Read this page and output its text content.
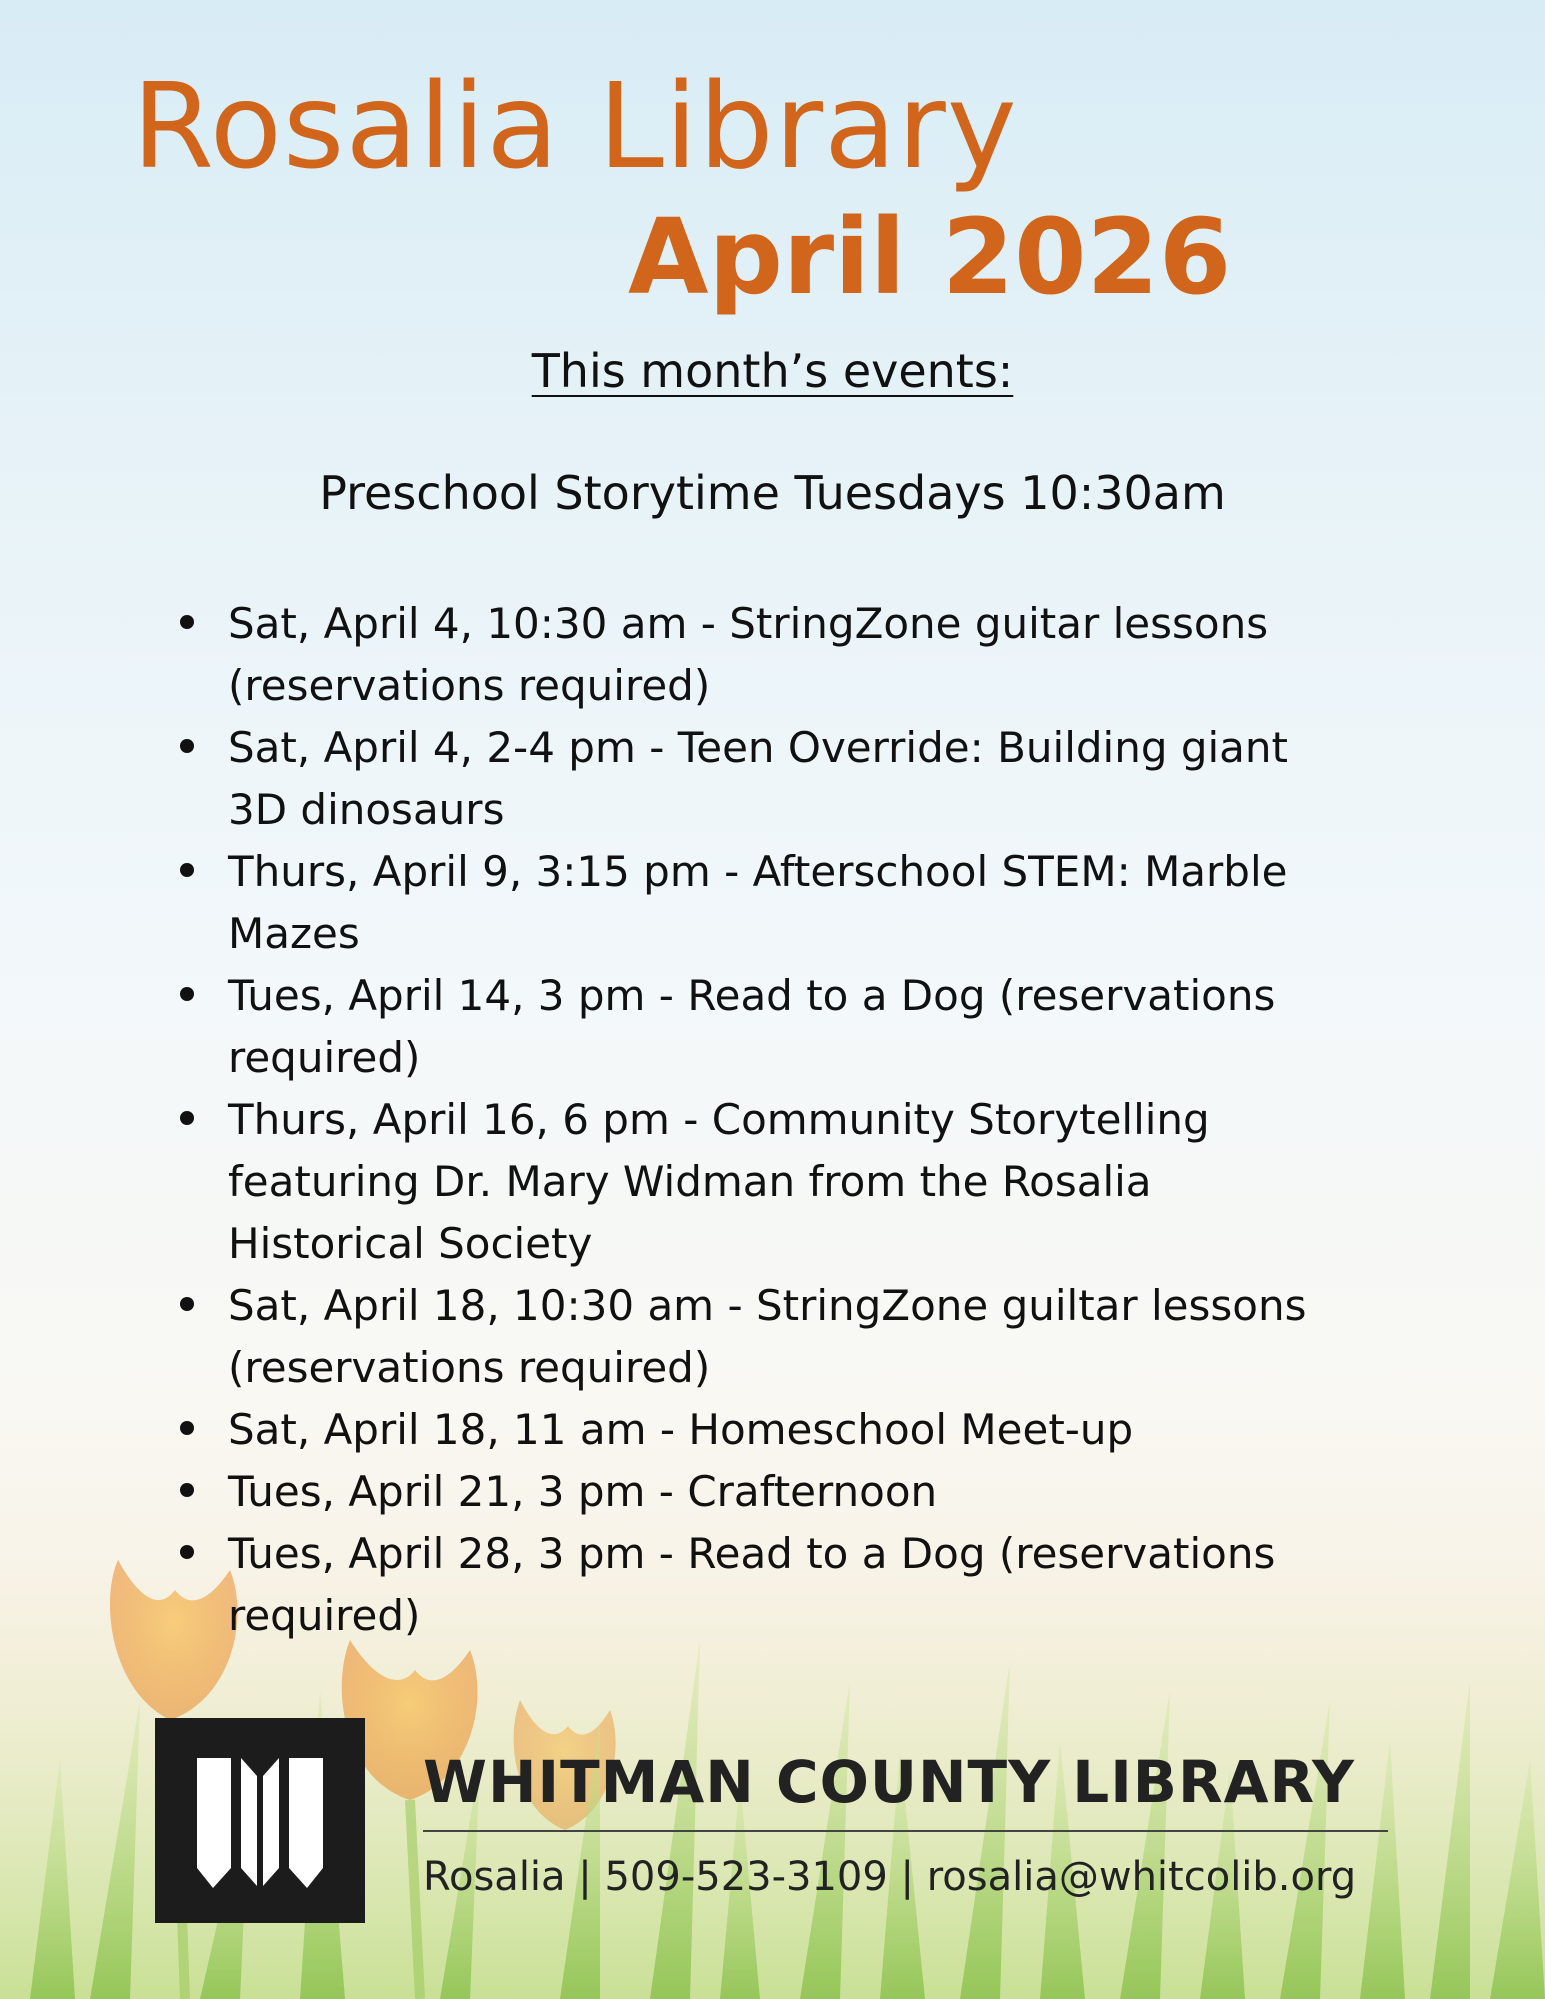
Rosalia Library
April 2026

This month’s events:

Preschool Storytime Tuesdays 10:30am

Sat, April 4, 10:30 am - StringZone guitar lessons
(reservations required)
Sat, April 4, 2-4 pm - Teen Override: Building giant
3D dinosaurs
Thurs, April 9, 3:15 pm - Afterschool STEM: Marble
Mazes
Tues, April 14, 3 pm - Read to a Dog (reservations
required)
Thurs, April 16, 6 pm - Community Storytelling
featuring Dr. Mary Widman from the Rosalia
Historical Society
Sat, April 18, 10:30 am - StringZone guiltar lessons
(reservations required)
Sat, April 18, 11 am - Homeschool Meet-up
Tues, April 21, 3 pm - Crafternoon
Tues, April 28, 3 pm - Read to a Dog (reservations
required)

WHITMAN COUNTY LIBRARY

Rosalia | 509-523-3109 | rosalia@whitcolib.org
